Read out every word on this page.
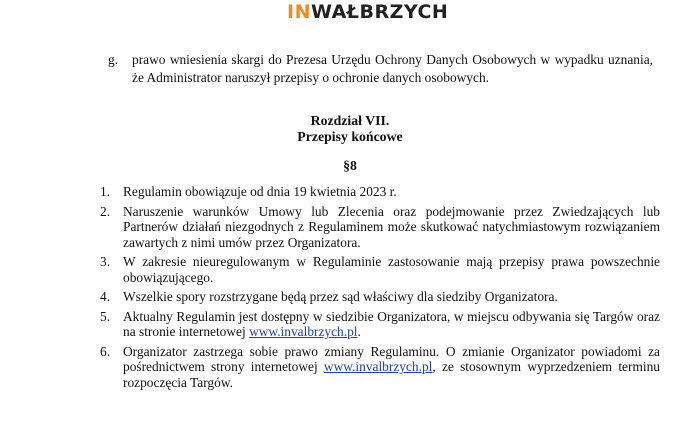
IN WAŁBRZYCH
g.	prawo wniesienia skargi do Prezesa Urzędu Ochrony Danych Osobowych w wypadku uznania, że Administrator naruszył przepisy o ochronie danych osobowych.
Rozdział VII.
Przepisy końcowe
§8
1. Regulamin obowiązuje od dnia 19 kwietnia 2023 r.
2. Naruszenie warunków Umowy lub Zlecenia oraz podejmowanie przez Zwiedzających lub Partnerów działań niezgodnych z Regulaminem może skutkować natychmiastowym rozwiązaniem zawartych z nimi umów przez Organizatora.
3. W zakresie nieuregulowanym w Regulaminie zastosowanie mają przepisy prawa powszechnie obowiązującego.
4. Wszelkie spory rozstrzygane będą przez sąd właściwy dla siedziby Organizatora.
5. Aktualny Regulamin jest dostępny w siedzibie Organizatora, w miejscu odbywania się Targów oraz na stronie internetowej www.invalbrzych.pl.
6. Organizator zastrzega sobie prawo zmiany Regulaminu. O zmianie Organizator powiadomi za pośrednictwem strony internetowej www.invalbrzych.pl, ze stosownym wyprzedzeniem terminu rozpoczęcia Targów.
